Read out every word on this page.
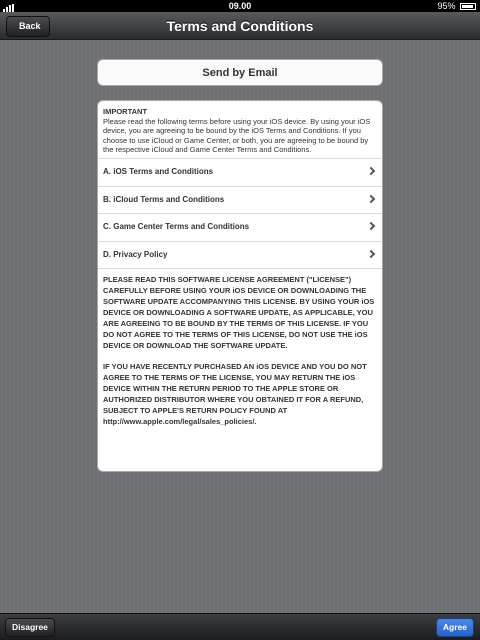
09.00	95%
Back	Terms and Conditions
Send by Email
IMPORTANT
Please read the following terms before using your iOS device. By using your iOS device, you are agreeing to be bound by the iOS Terms and Conditions. If you choose to use iCloud or Game Center, or both, you are agreeing to be bound by the respective iCloud and Game Center Terms and Conditions.
A. iOS Terms and Conditions
B. iCloud Terms and Conditions
C. Game Center Terms and Conditions
D. Privacy Policy

PLEASE READ THIS SOFTWARE LICENSE AGREEMENT ("LICENSE") CAREFULLY BEFORE USING YOUR iOS DEVICE OR DOWNLOADING THE SOFTWARE UPDATE ACCOMPANYING THIS LICENSE. BY USING YOUR iOS DEVICE OR DOWNLOADING A SOFTWARE UPDATE, AS APPLICABLE, YOU ARE AGREEING TO BE BOUND BY THE TERMS OF THIS LICENSE. IF YOU DO NOT AGREE TO THE TERMS OF THIS LICENSE, DO NOT USE THE iOS DEVICE OR DOWNLOAD THE SOFTWARE UPDATE.

IF YOU HAVE RECENTLY PURCHASED AN iOS DEVICE AND YOU DO NOT AGREE TO THE TERMS OF THE LICENSE, YOU MAY RETURN THE iOS DEVICE WITHIN THE RETURN PERIOD TO THE APPLE STORE OR AUTHORIZED DISTRIBUTOR WHERE YOU OBTAINED IT FOR A REFUND, SUBJECT TO APPLE'S RETURN POLICY FOUND AT http://www.apple.com/legal/sales_policies/.

Disagree	Agree
